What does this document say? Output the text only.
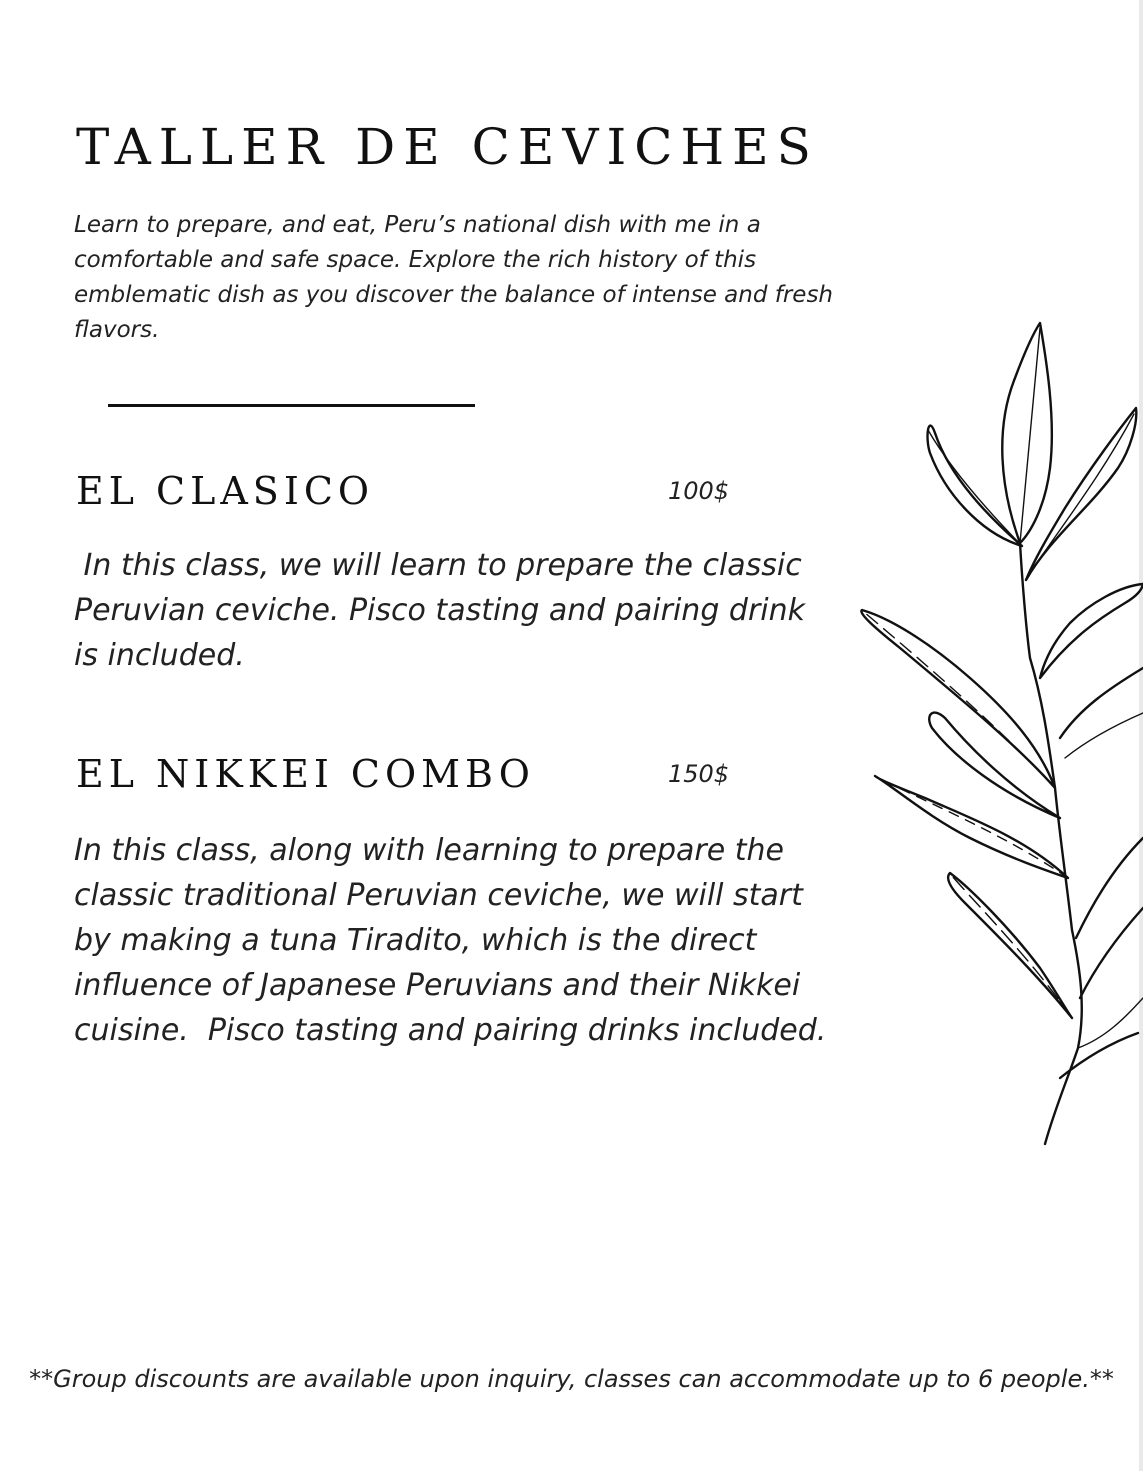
TALLER DE CEVICHES

Learn to prepare, and eat, Peru’s national dish with me in a comfortable and safe space. Explore the rich history of this emblematic dish as you discover the balance of intense and fresh flavors.

EL CLASICO	100$

In this class, we will learn to prepare the classic Peruvian ceviche. Pisco tasting and pairing drink is included.

EL NIKKEI COMBO	150$

In this class, along with learning to prepare the classic traditional Peruvian ceviche, we will start by making a tuna Tiradito, which is the direct influence of Japanese Peruvians and their Nikkei cuisine.  Pisco tasting and pairing drinks included.

**Group discounts are available upon inquiry, classes can accommodate up to 6 people.**
